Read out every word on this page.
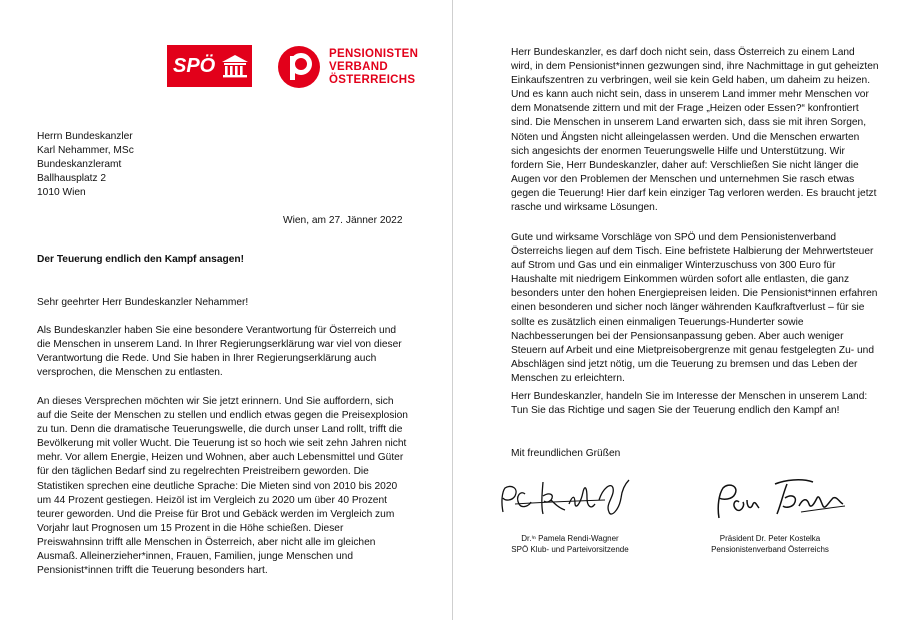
SPÖ
PENSIONISTEN
VERBAND
ÖSTERREICHS
Herrn Bundeskanzler
Karl Nehammer, MSc
Bundeskanzleramt
Ballhausplatz 2
1010 Wien
Wien, am 27. Jänner 2022
Der Teuerung endlich den Kampf ansagen!
Sehr geehrter Herr Bundeskanzler Nehammer!

Als Bundeskanzler haben Sie eine besondere Verantwortung für Österreich und die Menschen in unserem Land. In Ihrer Regierungserklärung war viel von dieser Verantwortung die Rede. Und Sie haben in Ihrer Regierungserklärung auch versprochen, die Menschen zu entlasten.

An dieses Versprechen möchten wir Sie jetzt erinnern. Und Sie auffordern, sich auf die Seite der Menschen zu stellen und endlich etwas gegen die Preisexplosion zu tun. Denn die dramatische Teuerungswelle, die durch unser Land rollt, trifft die Bevölkerung mit voller Wucht. Die Teuerung ist so hoch wie seit zehn Jahren nicht mehr. Vor allem Energie, Heizen und Wohnen, aber auch Lebensmittel und Güter für den täglichen Bedarf sind zu regelrechten Preistreibern geworden. Die Statistiken sprechen eine deutliche Sprache: Die Mieten sind von 2010 bis 2020 um 44 Prozent gestiegen. Heizöl ist im Vergleich zu 2020 um über 40 Prozent teurer geworden. Und die Preise für Brot und Gebäck werden im Vergleich zum Vorjahr laut Prognosen um 15 Prozent in die Höhe schießen. Dieser Preiswahnsinn trifft alle Menschen in Österreich, aber nicht alle im gleichen Ausmaß. Alleinerzieher*innen, Frauen, Familien, junge Menschen und Pensionist*innen trifft die Teuerung besonders hart.

Herr Bundeskanzler, es darf doch nicht sein, dass Österreich zu einem Land wird, in dem Pensionist*innen gezwungen sind, ihre Nachmittage in gut geheizten Einkaufszentren zu verbringen, weil sie kein Geld haben, um daheim zu heizen. Und es kann auch nicht sein, dass in unserem Land immer mehr Menschen vor dem Monatsende zittern und mit der Frage „Heizen oder Essen?“ konfrontiert sind. Die Menschen in unserem Land erwarten sich, dass sie mit ihren Sorgen, Nöten und Ängsten nicht alleingelassen werden. Und die Menschen erwarten sich angesichts der enormen Teuerungswelle Hilfe und Unterstützung. Wir fordern Sie, Herr Bundeskanzler, daher auf: Verschließen Sie nicht länger die Augen vor den Problemen der Menschen und unternehmen Sie rasch etwas gegen die Teuerung! Hier darf kein einziger Tag verloren werden. Es braucht jetzt rasche und wirksame Lösungen.

Gute und wirksame Vorschläge von SPÖ und dem Pensionistenverband Österreichs liegen auf dem Tisch. Eine befristete Halbierung der Mehrwertsteuer auf Strom und Gas und ein einmaliger Winterzuschuss von 300 Euro für Haushalte mit niedrigem Einkommen würden sofort alle entlasten, die ganz besonders unter den hohen Energiepreisen leiden. Die Pensionist*innen erfahren einen besonderen und sicher noch länger währenden Kaufkraftverlust – für sie sollte es zusätzlich einen einmaligen Teuerungs-Hunderter sowie Nachbesserungen bei der Pensionsanpassung geben. Aber auch weniger Steuern auf Arbeit und eine Mietpreisobergrenze mit genau festgelegten Zu- und Abschlägen sind jetzt nötig, um die Teuerung zu bremsen und das Leben der Menschen zu erleichtern.

Herr Bundeskanzler, handeln Sie im Interesse der Menschen in unserem Land: Tun Sie das Richtige und sagen Sie der Teuerung endlich den Kampf an!

Mit freundlichen Grüßen
Dr.ⁱⁿ Pamela Rendi-Wagner
SPÖ Klub- und Parteivorsitzende
Präsident Dr. Peter Kostelka
Pensionistenverband Österreichs
